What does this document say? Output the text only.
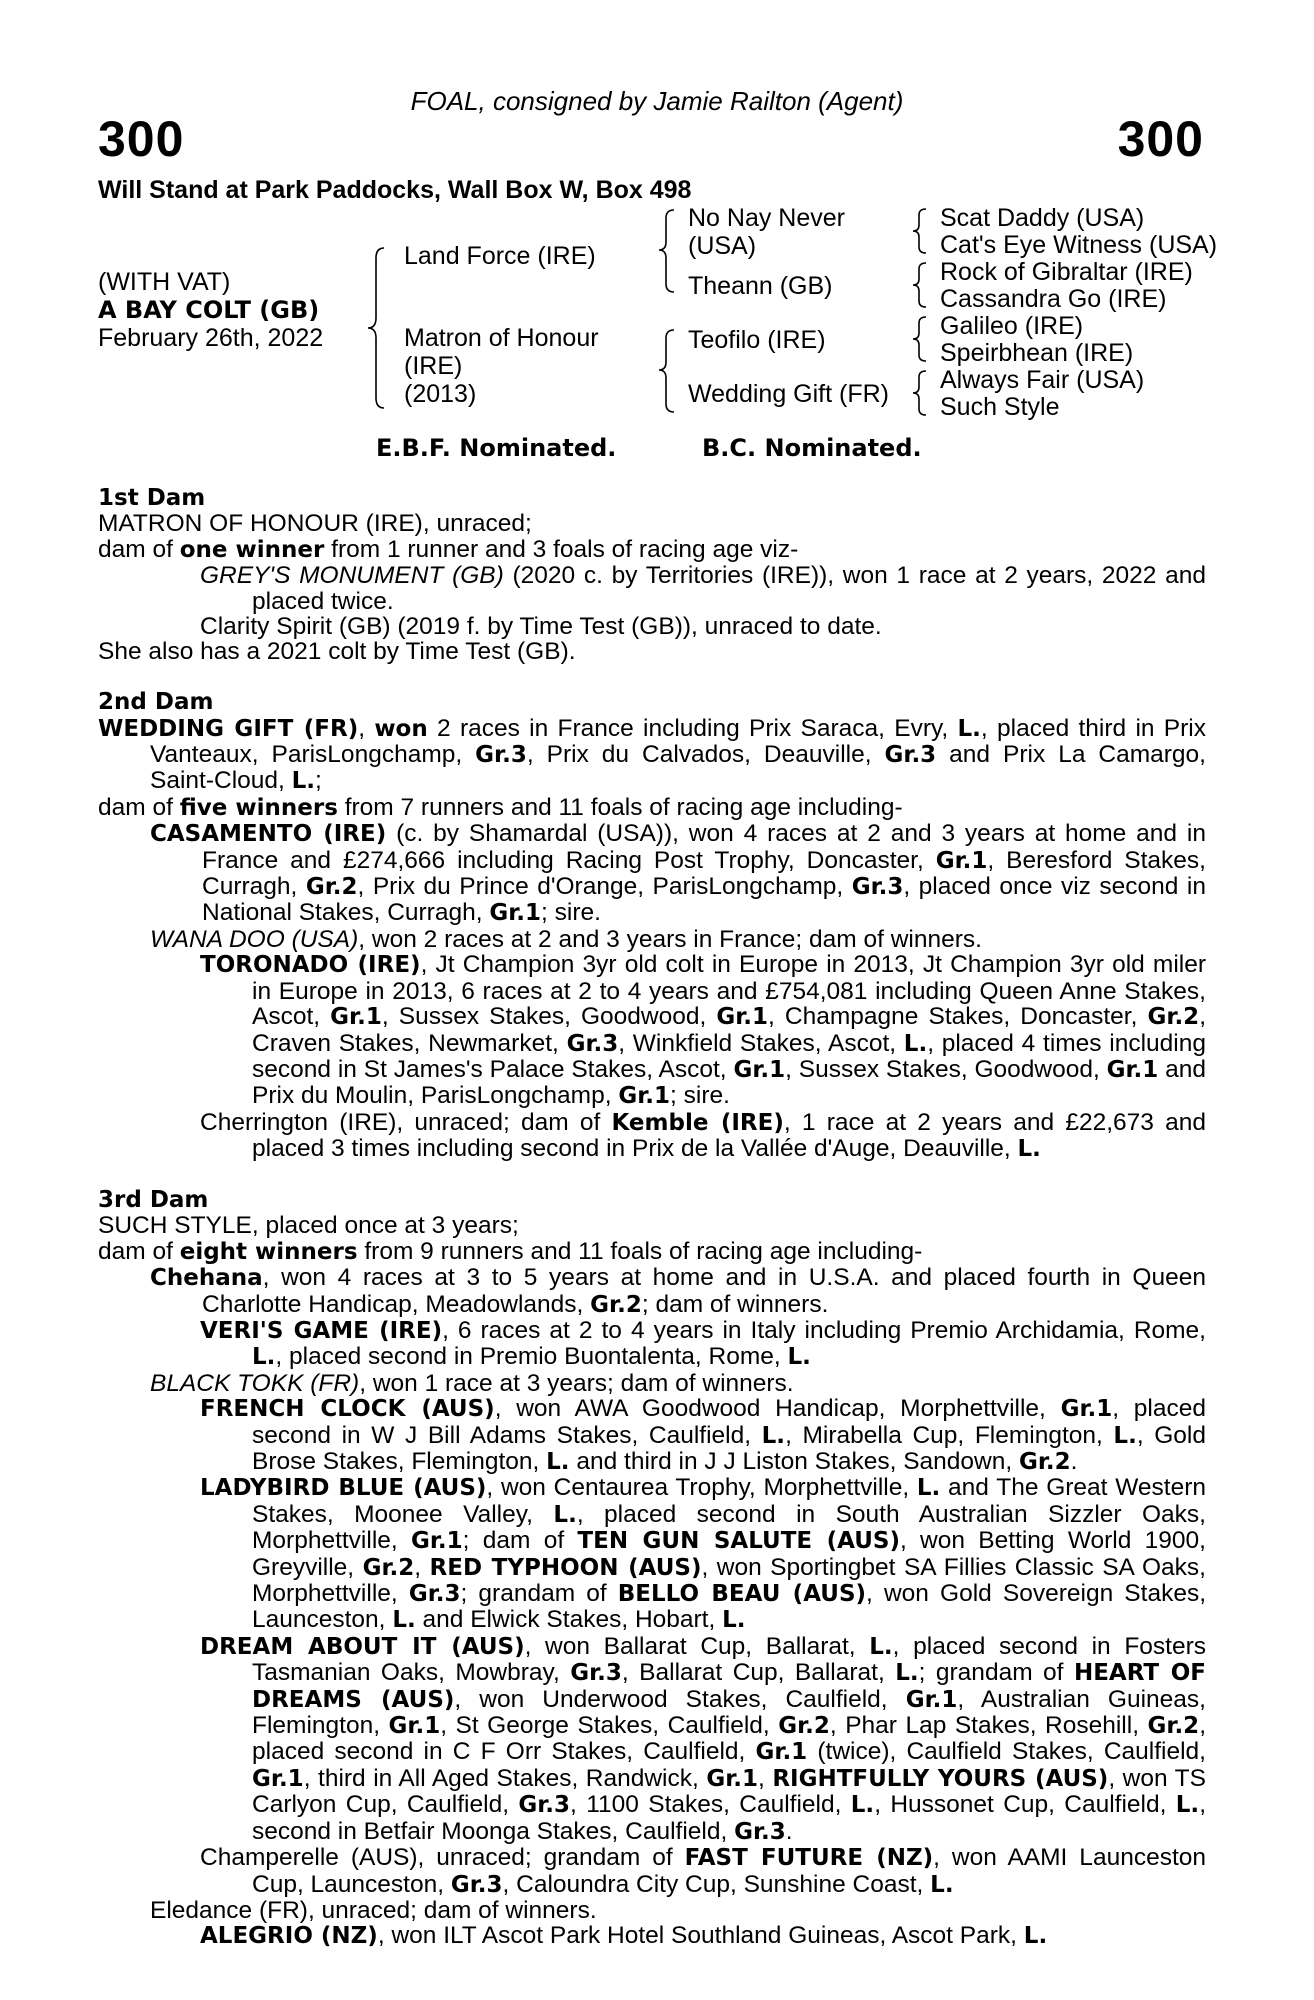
FOAL, consigned by Jamie Railton (Agent)
300	300
Will Stand at Park Paddocks, Wall Box W, Box 498
(WITH VAT)
A BAY COLT (GB)
February 26th, 2022
Land Force (IRE)
Matron of Honour
(IRE)
(2013)
No Nay Never
(USA)
Theann (GB)
Teofilo (IRE)
Wedding Gift (FR)
Scat Daddy (USA)
Cat's Eye Witness (USA)
Rock of Gibraltar (IRE)
Cassandra Go (IRE)
Galileo (IRE)
Speirbhean (IRE)
Always Fair (USA)
Such Style
E.B.F. Nominated.	B.C. Nominated.

1st Dam

MATRON OF HONOUR (IRE), unraced;

dam of one winner from 1 runner and 3 foals of racing age viz-

GREY'S MONUMENT (GB) (2020 c. by Territories (IRE)), won 1 race at 2 years, 2022 and placed twice.

Clarity Spirit (GB) (2019 f. by Time Test (GB)), unraced to date.

She also has a 2021 colt by Time Test (GB).

2nd Dam

WEDDING GIFT (FR), won 2 races in France including Prix Saraca, Evry, L., placed third in Prix Vanteaux, ParisLongchamp, Gr.3, Prix du Calvados, Deauville, Gr.3 and Prix La Camargo, Saint-Cloud, L.;

dam of five winners from 7 runners and 11 foals of racing age including-

CASAMENTO (IRE) (c. by Shamardal (USA)), won 4 races at 2 and 3 years at home and in France and £274,666 including Racing Post Trophy, Doncaster, Gr.1, Beresford Stakes, Curragh, Gr.2, Prix du Prince d'Orange, ParisLongchamp, Gr.3, placed once viz second in National Stakes, Curragh, Gr.1; sire.

WANA DOO (USA), won 2 races at 2 and 3 years in France; dam of winners.

TORONADO (IRE), Jt Champion 3yr old colt in Europe in 2013, Jt Champion 3yr old miler in Europe in 2013, 6 races at 2 to 4 years and £754,081 including Queen Anne Stakes, Ascot, Gr.1, Sussex Stakes, Goodwood, Gr.1, Champagne Stakes, Doncaster, Gr.2, Craven Stakes, Newmarket, Gr.3, Winkfield Stakes, Ascot, L., placed 4 times including second in St James's Palace Stakes, Ascot, Gr.1, Sussex Stakes, Goodwood, Gr.1 and Prix du Moulin, ParisLongchamp, Gr.1; sire.

Cherrington (IRE), unraced; dam of Kemble (IRE), 1 race at 2 years and £22,673 and placed 3 times including second in Prix de la Vallée d'Auge, Deauville, L.

3rd Dam

SUCH STYLE, placed once at 3 years;

dam of eight winners from 9 runners and 11 foals of racing age including-

Chehana, won 4 races at 3 to 5 years at home and in U.S.A. and placed fourth in Queen Charlotte Handicap, Meadowlands, Gr.2; dam of winners.

VERI'S GAME (IRE), 6 races at 2 to 4 years in Italy including Premio Archidamia, Rome, L., placed second in Premio Buontalenta, Rome, L.

BLACK TOKK (FR), won 1 race at 3 years; dam of winners.

FRENCH CLOCK (AUS), won AWA Goodwood Handicap, Morphettville, Gr.1, placed second in W J Bill Adams Stakes, Caulfield, L., Mirabella Cup, Flemington, L., Gold Brose Stakes, Flemington, L. and third in J J Liston Stakes, Sandown, Gr.2.

LADYBIRD BLUE (AUS), won Centaurea Trophy, Morphettville, L. and The Great Western Stakes, Moonee Valley, L., placed second in South Australian Sizzler Oaks, Morphettville, Gr.1; dam of TEN GUN SALUTE (AUS), won Betting World 1900, Greyville, Gr.2, RED TYPHOON (AUS), won Sportingbet SA Fillies Classic SA Oaks, Morphettville, Gr.3; grandam of BELLO BEAU (AUS), won Gold Sovereign Stakes, Launceston, L. and Elwick Stakes, Hobart, L.

DREAM ABOUT IT (AUS), won Ballarat Cup, Ballarat, L., placed second in Fosters Tasmanian Oaks, Mowbray, Gr.3, Ballarat Cup, Ballarat, L.; grandam of HEART OF DREAMS (AUS), won Underwood Stakes, Caulfield, Gr.1, Australian Guineas, Flemington, Gr.1, St George Stakes, Caulfield, Gr.2, Phar Lap Stakes, Rosehill, Gr.2, placed second in C F Orr Stakes, Caulfield, Gr.1 (twice), Caulfield Stakes, Caulfield, Gr.1, third in All Aged Stakes, Randwick, Gr.1, RIGHTFULLY YOURS (AUS), won TS Carlyon Cup, Caulfield, Gr.3, 1100 Stakes, Caulfield, L., Hussonet Cup, Caulfield, L., second in Betfair Moonga Stakes, Caulfield, Gr.3.

Champerelle (AUS), unraced; grandam of FAST FUTURE (NZ), won AAMI Launceston Cup, Launceston, Gr.3, Caloundra City Cup, Sunshine Coast, L.

Eledance (FR), unraced; dam of winners.

ALEGRIO (NZ), won ILT Ascot Park Hotel Southland Guineas, Ascot Park, L.
